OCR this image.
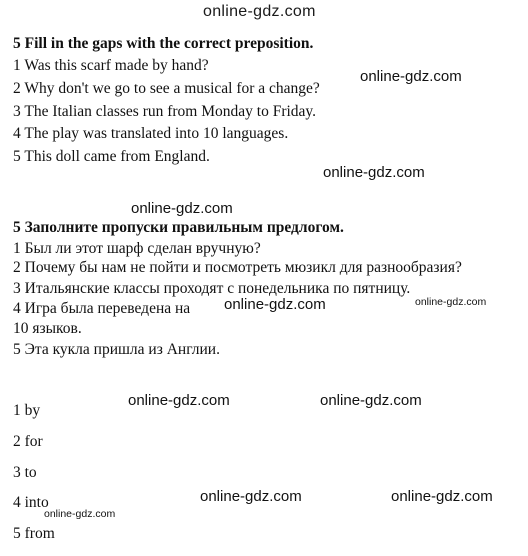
online-gdz.com
5 Fill in the gaps with the correct preposition.
1 Was this scarf made by hand?
2 Why don't we go to see a musical for a change?
3 The Italian classes run from Monday to Friday.
4 The play was translated into 10 languages.
5 This doll came from England.
5 Заполните пропуски правильным предлогом.
1 Был ли этот шарф сделан вручную?
2 Почему бы нам не пойти и посмотреть мюзикл для разнообразия?
3 Итальянские классы проходят с понедельника по пятницу.
4 Игра была переведена на
10 языков.
5 Эта кукла пришла из Англии.
1 by
2 for
3 to
4 into
5 from
online-gdz.com
online-gdz.com
online-gdz.com
online-gdz.com	online-gdz.com
online-gdz.com	online-gdz.com
online-gdz.com	online-gdz.com
online-gdz.com
